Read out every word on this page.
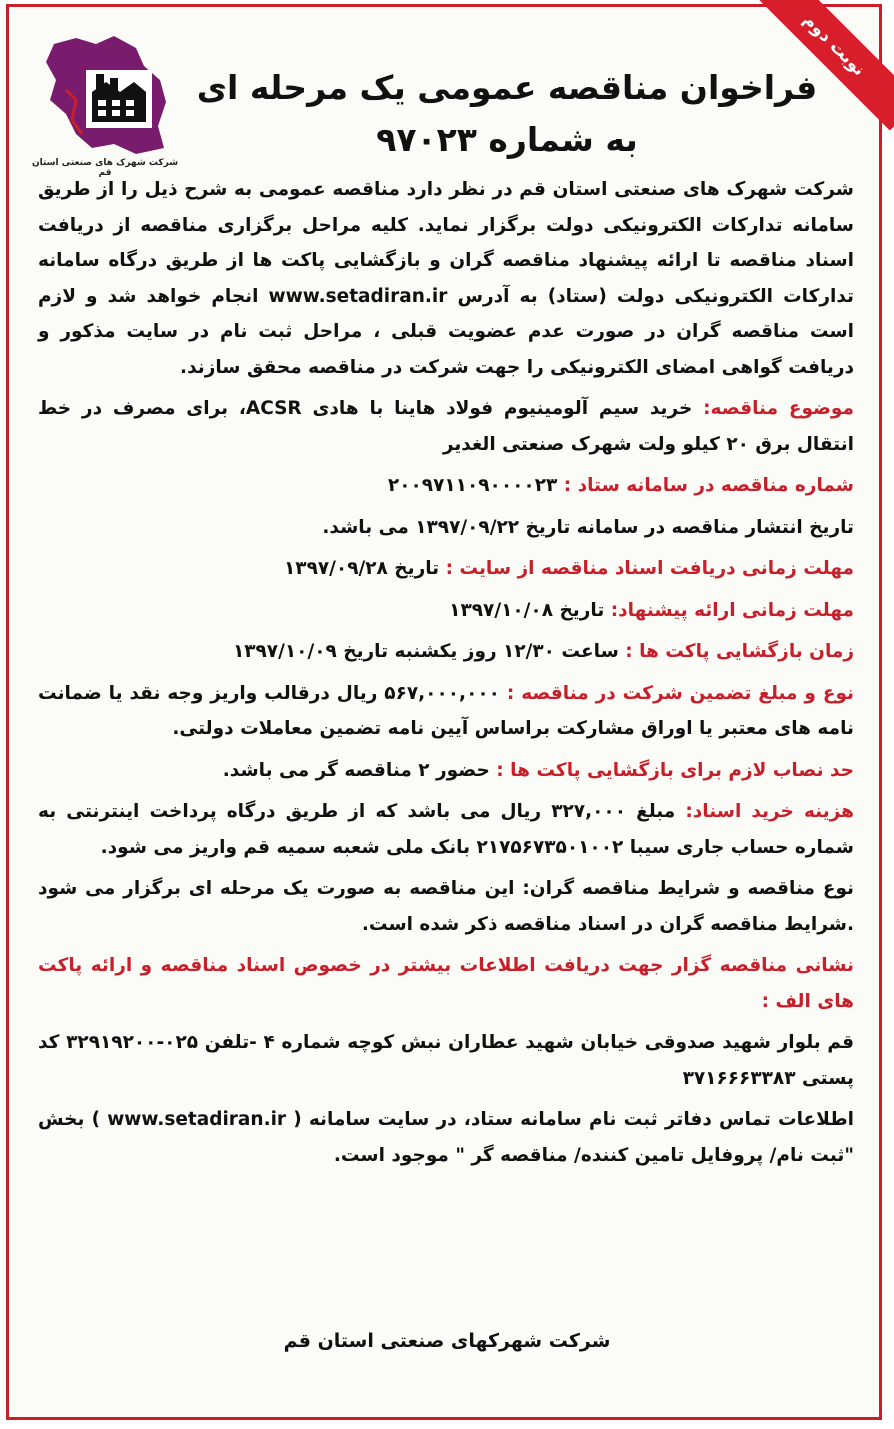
نوبت دوم
شرکت شهرک های صنعتی استان قم
فراخوان مناقصه عمومی یک مرحله ای
به شماره ۹۷۰۲۳

شرکت شهرک های صنعتی استان قم در نظر دارد مناقصه عمومی به شرح ذیل را از طریق سامانه تدارکات الکترونیکی دولت برگزار نماید. کلیه مراحل برگزاری مناقصه از دریافت اسناد مناقصه تا ارائه پیشنهاد مناقصه گران و بازگشایی پاکت ها از طریق درگاه سامانه تدارکات الکترونیکی دولت (ستاد) به آدرس www.setadiran.ir انجام خواهد شد و لازم است مناقصه گران در صورت عدم عضویت قبلی ، مراحل ثبت نام در سایت مذکور و دریافت گواهی امضای الکترونیکی را جهت شرکت در مناقصه محقق سازند.

موضوع مناقصه: خرید سیم آلومینیوم فولاد هاینا با هادی ACSR، برای مصرف در خط انتقال برق ۲۰ کیلو ولت شهرک صنعتی الغدیر

شماره مناقصه در سامانه ستاد : ۲۰۰۹۷۱۱۰۹۰۰۰۰۲۳

تاریخ انتشار مناقصه در سامانه تاریخ ۱۳۹۷/۰۹/۲۲ می باشد.

مهلت زمانی دریافت اسناد مناقصه از سایت : تاریخ ۱۳۹۷/۰۹/۲۸

مهلت زمانی ارائه پیشنهاد: تاریخ ۱۳۹۷/۱۰/۰۸

زمان بازگشایی پاکت ها : ساعت ۱۲/۳۰ روز یکشنبه تاریخ ۱۳۹۷/۱۰/۰۹

نوع و مبلغ تضمین شرکت در مناقصه : ۵۶۷,۰۰۰,۰۰۰ ریال درقالب واریز وجه نقد یا ضمانت نامه های معتبر یا اوراق مشارکت براساس آیین نامه تضمین معاملات دولتی.

حد نصاب لازم برای بازگشایی پاکت ها : حضور ۲ مناقصه گر می باشد.

هزینه خرید اسناد: مبلغ ۳۲۷,۰۰۰ ریال می باشد که از طریق درگاه پرداخت اینترنتی به شماره حساب جاری سیبا ۲۱۷۵۶۷۳۵۰۱۰۰۲ بانک ملی شعبه سمیه قم واریز می شود.

نوع مناقصه و شرایط مناقصه گران: این مناقصه به صورت یک مرحله ای برگزار می شود .شرایط مناقصه گران در اسناد مناقصه ذکر شده است.

نشانی مناقصه گزار جهت دریافت اطلاعات بیشتر در خصوص اسناد مناقصه و ارائه پاکت های الف :

قم بلوار شهید صدوقی خیابان شهید عطاران نبش کوچه شماره ۴ -تلفن ۰۲۵-۳۲۹۱۹۲۰۰ کد پستی ۳۷۱۶۶۶۳۳۸۳

اطلاعات تماس دفاتر ثبت نام سامانه ستاد، در سایت سامانه ( www.setadiran.ir ) بخش "ثبت نام/ پروفایل تامین کننده/ مناقصه گر " موجود است.

شرکت شهرکهای صنعتی استان قم
